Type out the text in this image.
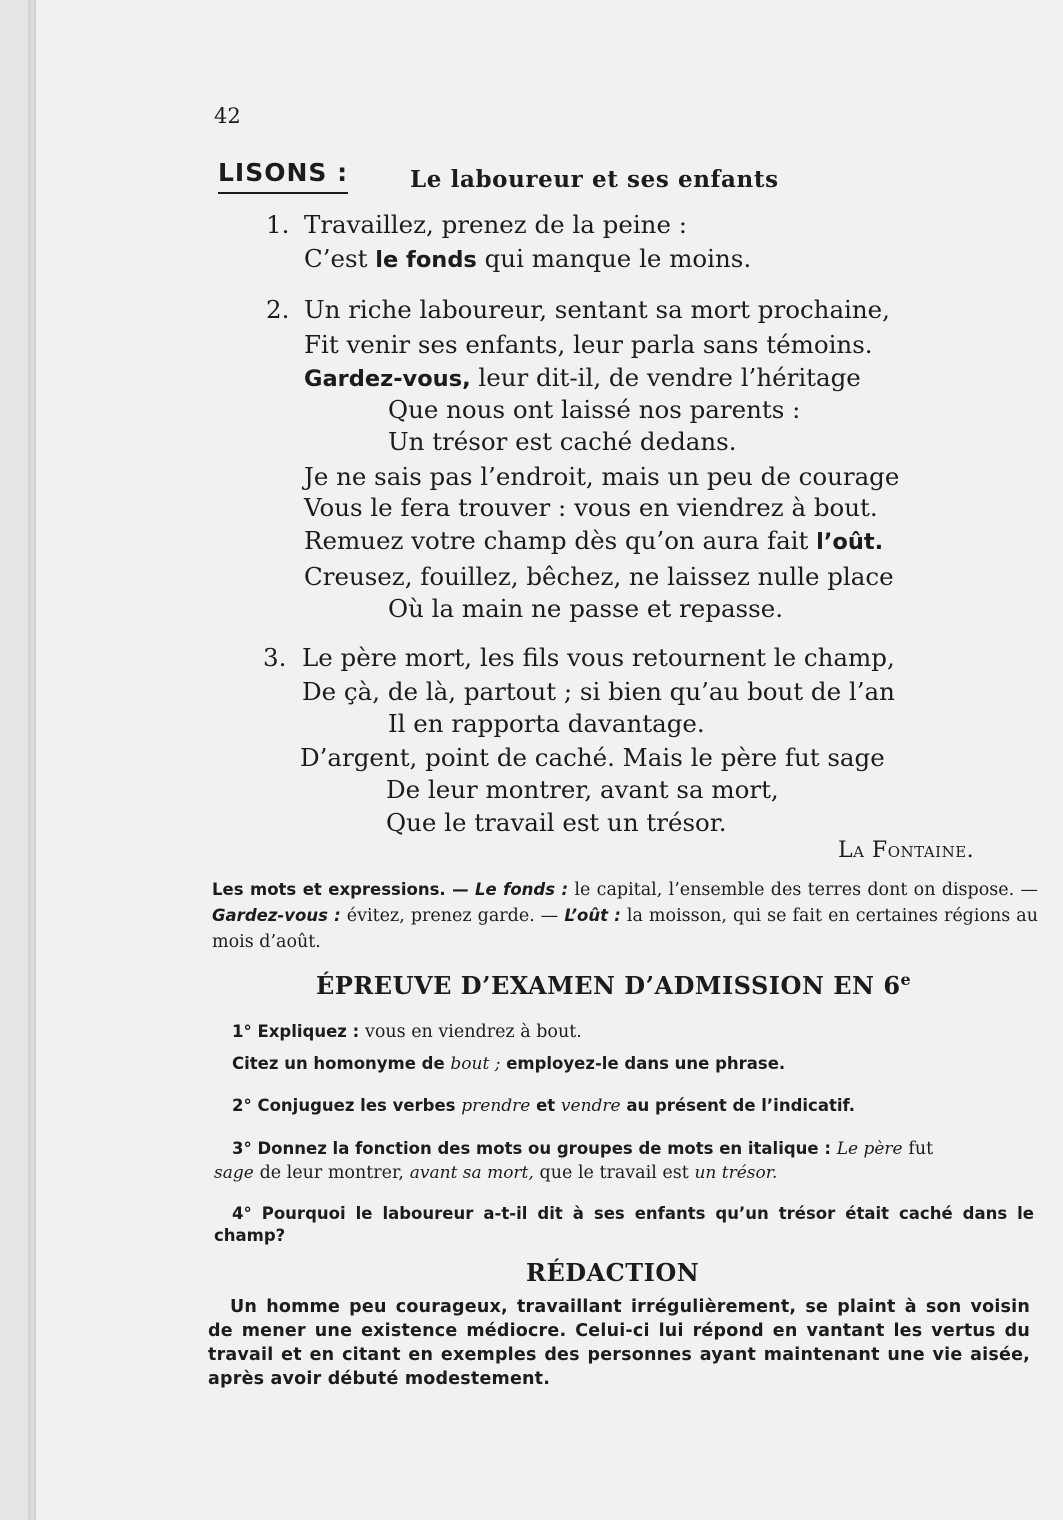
42
LISONS :	Le laboureur et ses enfants
1. Travaillez, prenez de la peine :
C’est le fonds qui manque le moins.
2. Un riche laboureur, sentant sa mort prochaine,
Fit venir ses enfants, leur parla sans témoins.
Gardez-vous, leur dit-il, de vendre l’héritage
Que nous ont laissé nos parents :
Un trésor est caché dedans.
Je ne sais pas l’endroit, mais un peu de courage
Vous le fera trouver : vous en viendrez à bout.
Remuez votre champ dès qu’on aura fait l’oût.
Creusez, fouillez, bêchez, ne laissez nulle place
Où la main ne passe et repasse.
3. Le père mort, les fils vous retournent le champ,
De çà, de là, partout ; si bien qu’au bout de l’an
Il en rapporta davantage.
D’argent, point de caché. Mais le père fut sage
De leur montrer, avant sa mort,
Que le travail est un trésor.
La Fontaine.
Les mots et expressions. — Le fonds : le capital, l’ensemble des terres dont on dispose. — Gardez-vous : évitez, prenez garde. — L’oût : la moisson, qui se fait en certaines régions au mois d’août.
ÉPREUVE D’EXAMEN D’ADMISSION EN 6e
1° Expliquez : vous en viendrez à bout.
Citez un homonyme de bout ; employez-le dans une phrase.
2° Conjuguez les verbes prendre et vendre au présent de l’indicatif.
3° Donnez la fonction des mots ou groupes de mots en italique : Le père fut
sage de leur montrer, avant sa mort, que le travail est un trésor.
4° Pourquoi le laboureur a-t-il dit à ses enfants qu’un trésor était caché dans le champ?
RÉDACTION
Un homme peu courageux, travaillant irrégulièrement, se plaint à son voisin de mener une existence médiocre. Celui-ci lui répond en vantant les vertus du travail et en citant en exemples des personnes ayant maintenant une vie aisée, après avoir débuté modestement.
